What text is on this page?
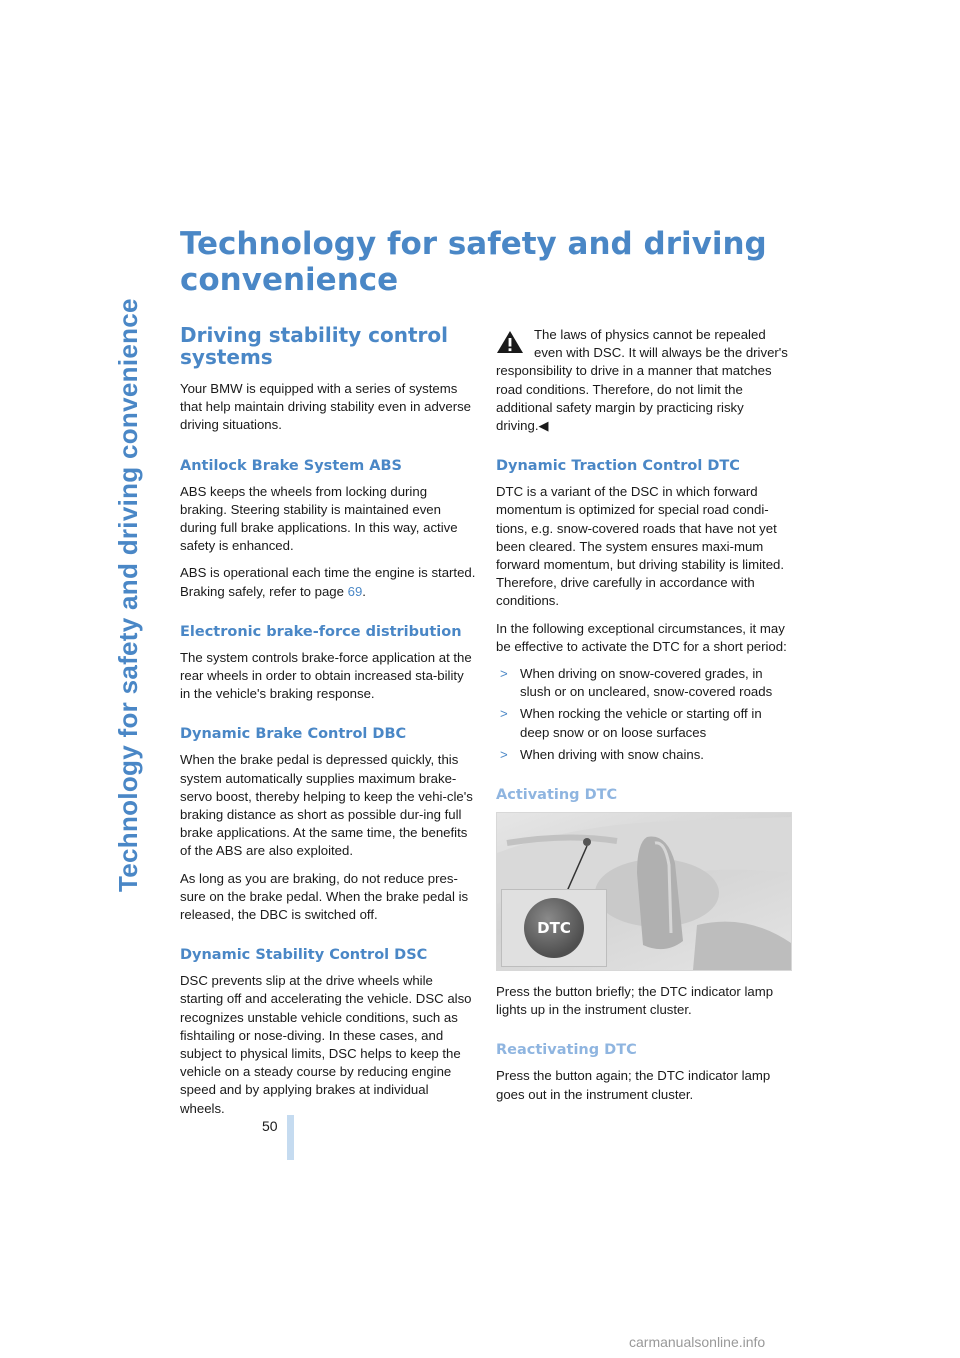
Technology for safety and driving convenience
Technology for safety and driving
convenience
Driving stability control
systems

Your BMW is equipped with a series of systems that help maintain driving stability even in adverse driving situations.

Antilock Brake System ABS

ABS keeps the wheels from locking during braking. Steering stability is maintained even during full brake applications. In this way, active safety is enhanced.

ABS is operational each time the engine is started. Braking safely, refer to page 69.

Electronic brake-force distribution

The system controls brake-force application at the rear wheels in order to obtain increased sta-bility in the vehicle's braking response.

Dynamic Brake Control DBC

When the brake pedal is depressed quickly, this system automatically supplies maximum brake-servo boost, thereby helping to keep the vehi-cle's braking distance as short as possible dur-ing full brake applications. At the same time, the benefits of the ABS are also exploited.

As long as you are braking, do not reduce pres-sure on the brake pedal. When the brake pedal is released, the DBC is switched off.

Dynamic Stability Control DSC

DSC prevents slip at the drive wheels while starting off and accelerating the vehicle. DSC also recognizes unstable vehicle conditions, such as fishtailing or nose-diving. In these cases, and subject to physical limits, DSC helps to keep the vehicle on a steady course by reducing engine speed and by applying brakes at individual wheels.

The laws of physics cannot be repealed even with DSC. It will always be the driver's responsibility to drive in a manner that matches road conditions. Therefore, do not limit the additional safety margin by practicing risky driving.◀

Dynamic Traction Control DTC

DTC is a variant of the DSC in which forward momentum is optimized for special road condi-tions, e.g. snow-covered roads that have not yet been cleared. The system ensures maxi-mum forward momentum, but driving stability is limited. Therefore, drive carefully in accordance with conditions.

In the following exceptional circumstances, it may be effective to activate the DTC for a short period:

> When driving on snow-covered grades, in slush or on uncleared, snow-covered roads
> When rocking the vehicle or starting off in deep snow or on loose surfaces
> When driving with snow chains.
Activating DTC
DTC

Press the button briefly; the DTC indicator lamp lights up in the instrument cluster.

Reactivating DTC

Press the button again; the DTC indicator lamp goes out in the instrument cluster.

50
carmanualsonline.info
